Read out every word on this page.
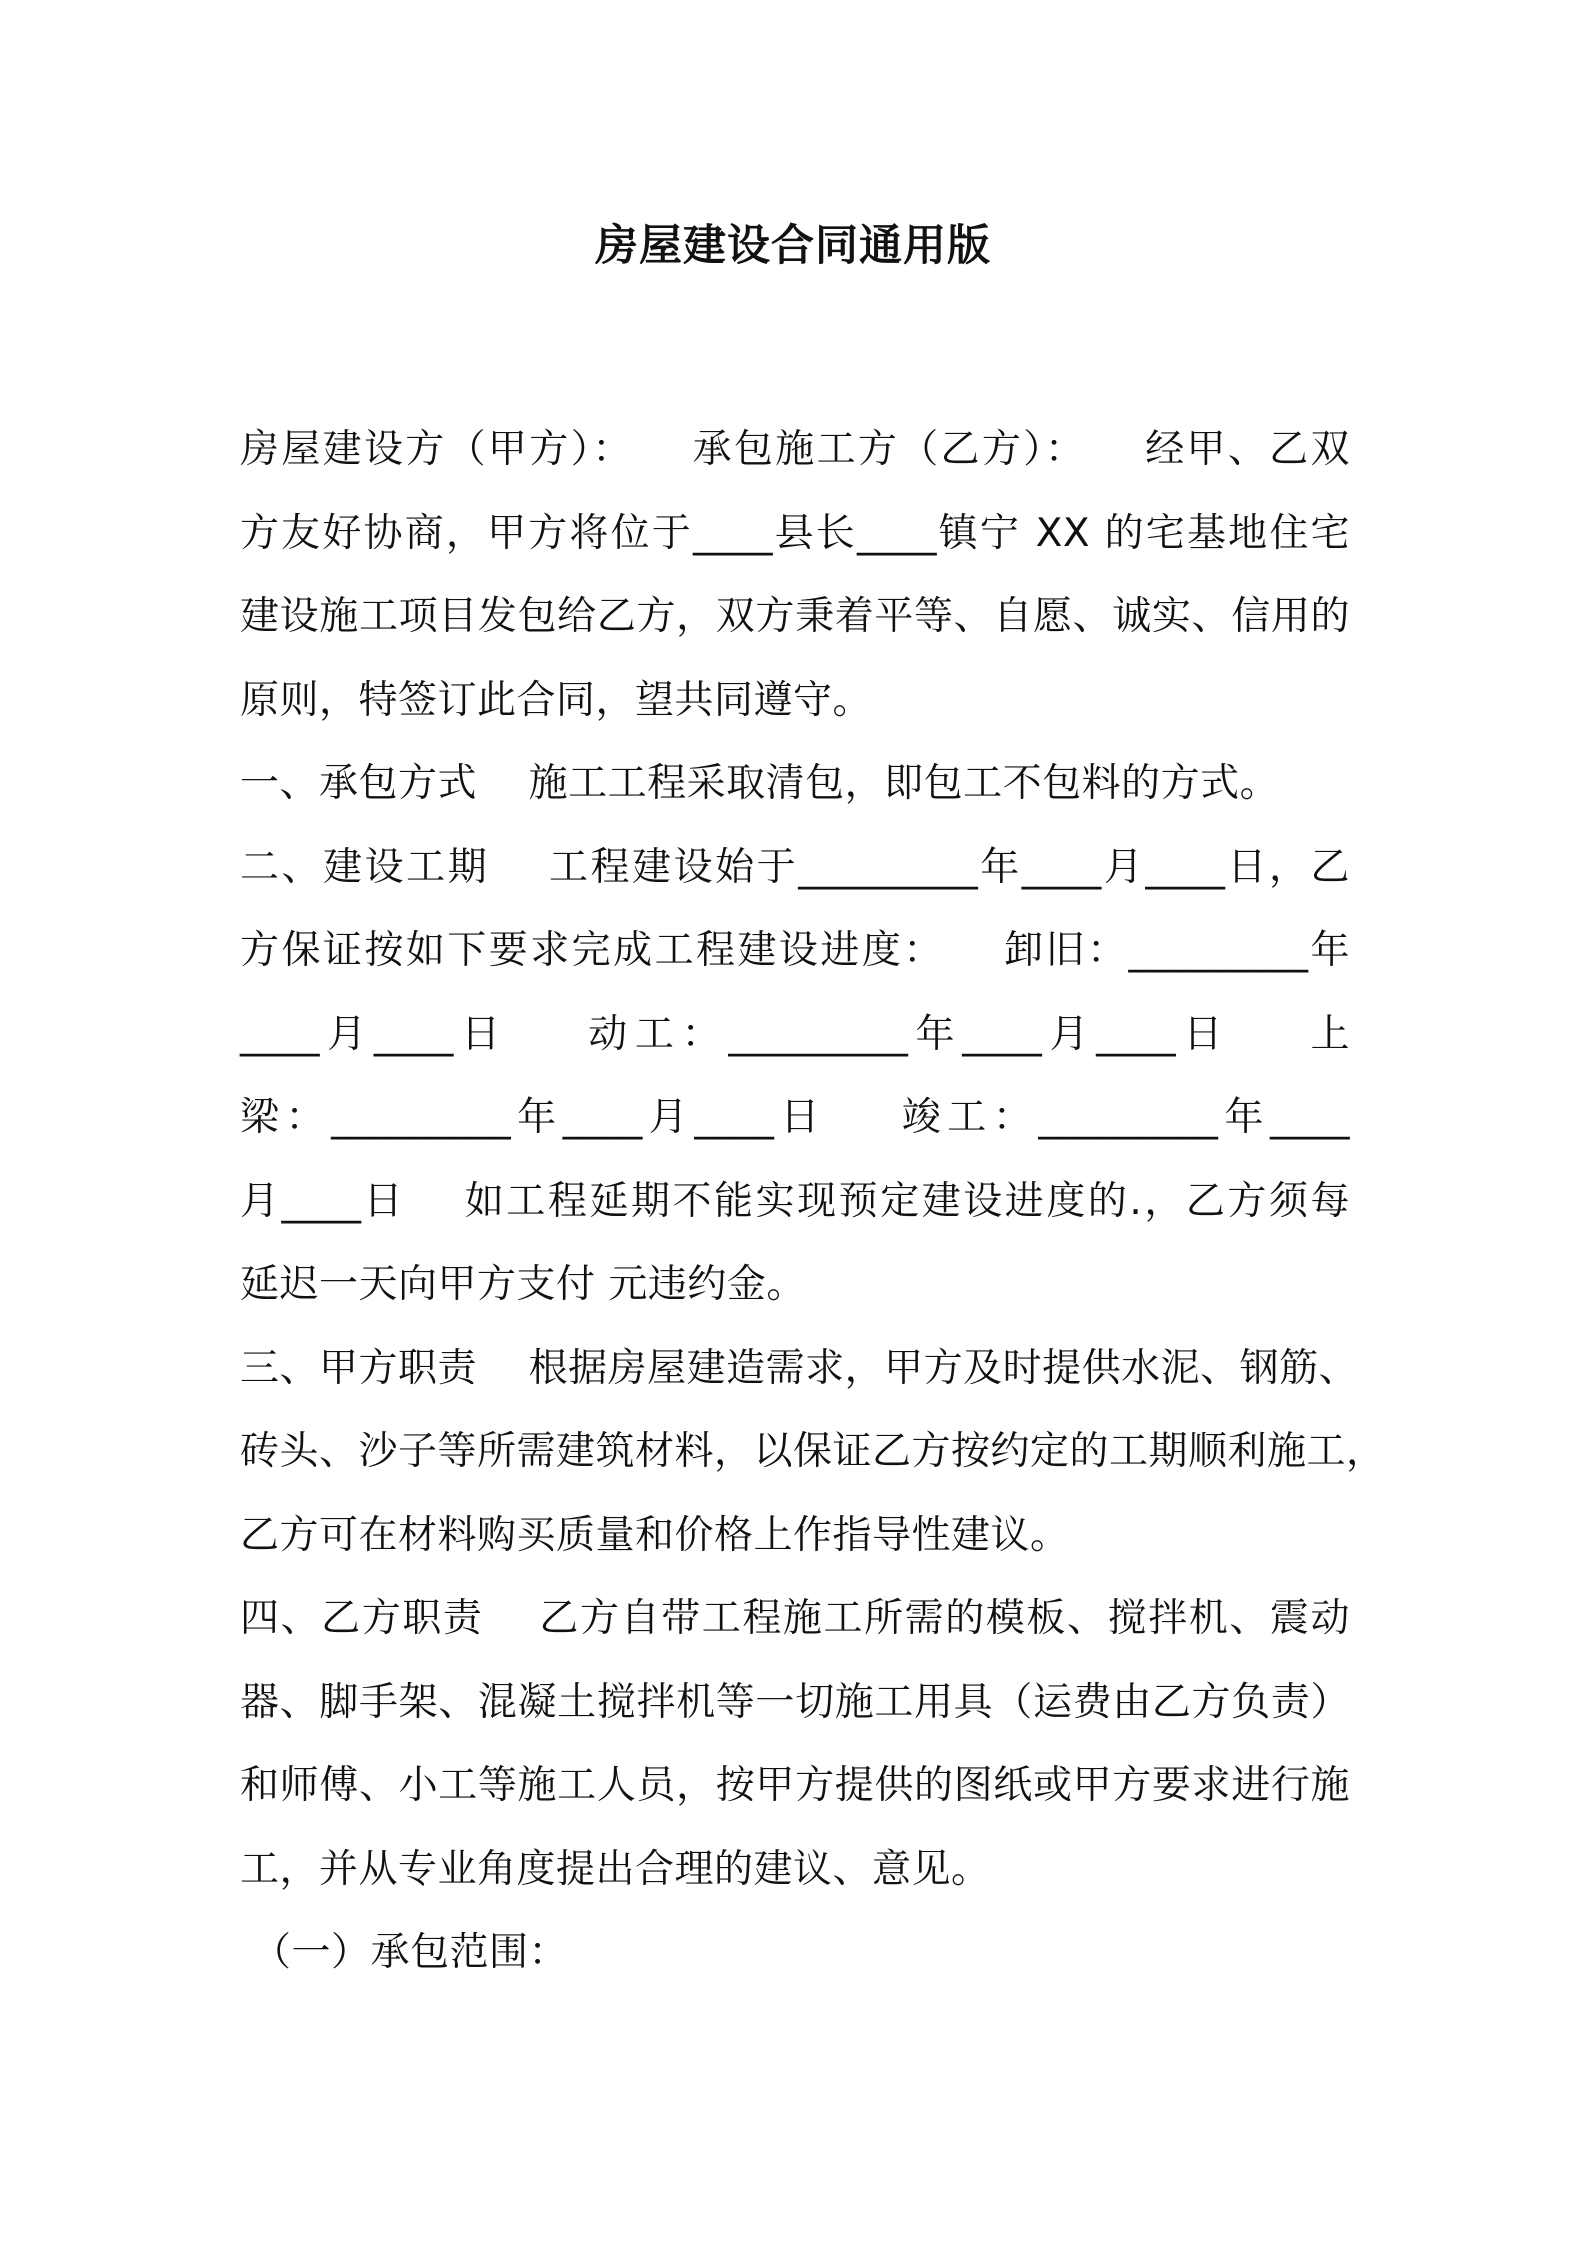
房屋建设合同通用版
房屋建设方（甲方）：    承包施工方（乙方）：    经甲、乙双
方友好协商，甲方将位于____县长____镇宁 XX 的宅基地住宅
建设施工项目发包给乙方，双方秉着平等、自愿、诚实、信用的
原则，特签订此合同，望共同遵守。
一、承包方式    施工工程采取清包，即包工不包料的方式。
二、建设工期    工程建设始于_________年____月____日，乙
方保证按如下要求完成工程建设进度：    卸旧：_________年
____月____日    动工：_________年____月____日    上
梁：_________年____月____日    竣工：_________年____
月____日    如工程延期不能实现预定建设进度的.，乙方须每
延迟一天向甲方支付 元违约金。
三、甲方职责    根据房屋建造需求，甲方及时提供水泥、钢筋、
砖头、沙子等所需建筑材料，以保证乙方按约定的工期顺利施工，
乙方可在材料购买质量和价格上作指导性建议。
四、乙方职责    乙方自带工程施工所需的模板、搅拌机、震动
器、脚手架、混凝土搅拌机等一切施工用具（运费由乙方负责）
和师傅、小工等施工人员，按甲方提供的图纸或甲方要求进行施
工，并从专业角度提出合理的建议、意见。
（一）承包范围：
